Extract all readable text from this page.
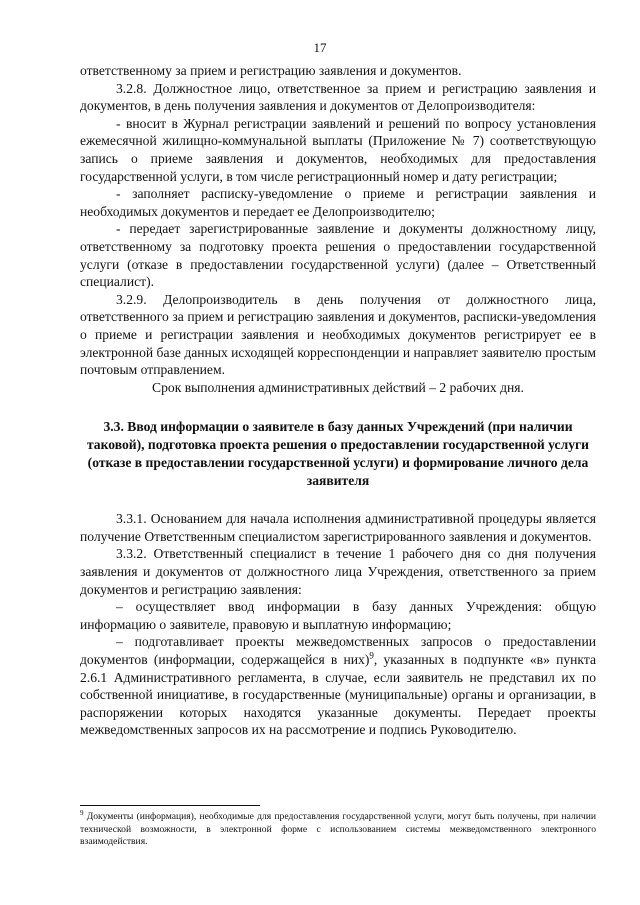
17

ответственному за прием и регистрацию заявления и документов.

3.2.8. Должностное лицо, ответственное за прием и регистрацию заявления и документов, в день получения заявления и документов от Делопроизводителя:

- вносит в Журнал регистрации заявлений и решений по вопросу установления ежемесячной жилищно-коммунальной выплаты (Приложение № 7) соответствующую запись о приеме заявления и документов, необходимых для предоставления государственной услуги, в том числе регистрационный номер и дату регистрации;

- заполняет расписку-уведомление о приеме и регистрации заявления и необходимых документов и передает ее Делопроизводителю;

- передает зарегистрированные заявление и документы должностному лицу, ответственному за подготовку проекта решения о предоставлении государственной услуги (отказе в предоставлении государственной услуги) (далее – Ответственный специалист).

3.2.9. Делопроизводитель в день получения от должностного лица, ответственного за прием и регистрацию заявления и документов, расписки-уведомления о приеме и регистрации заявления и необходимых документов регистрирует ее в электронной базе данных исходящей корреспонденции и направляет заявителю простым почтовым отправлением.

Срок выполнения административных действий – 2 рабочих дня.

3.3. Ввод информации о заявителе в базу данных Учреждений (при наличии таковой), подготовка проекта решения о предоставлении государственной услуги (отказе в предоставлении государственной услуги) и формирование личного дела заявителя

3.3.1. Основанием для начала исполнения административной процедуры является получение Ответственным специалистом зарегистрированного заявления и документов.

3.3.2. Ответственный специалист в течение 1 рабочего дня со дня получения заявления и документов от должностного лица Учреждения, ответственного за прием документов и регистрацию заявления:

– осуществляет ввод информации в базу данных Учреждения: общую информацию о заявителе, правовую и выплатную информацию;

– подготавливает проекты межведомственных запросов о предоставлении документов (информации, содержащейся в них)$^9$, указанных в подпункте «в» пункта 2.6.1 Административного регламента, в случае, если заявитель не представил их по собственной инициативе, в государственные (муниципальные) органы и организации, в распоряжении которых находятся указанные документы. Передает проекты межведомственных запросов их на рассмотрение и подпись Руководителю.

$^9$ Документы (информация), необходимые для предоставления государственной услуги, могут быть получены, при наличии технической возможности, в электронной форме с использованием системы межведомственного электронного взаимодействия.
